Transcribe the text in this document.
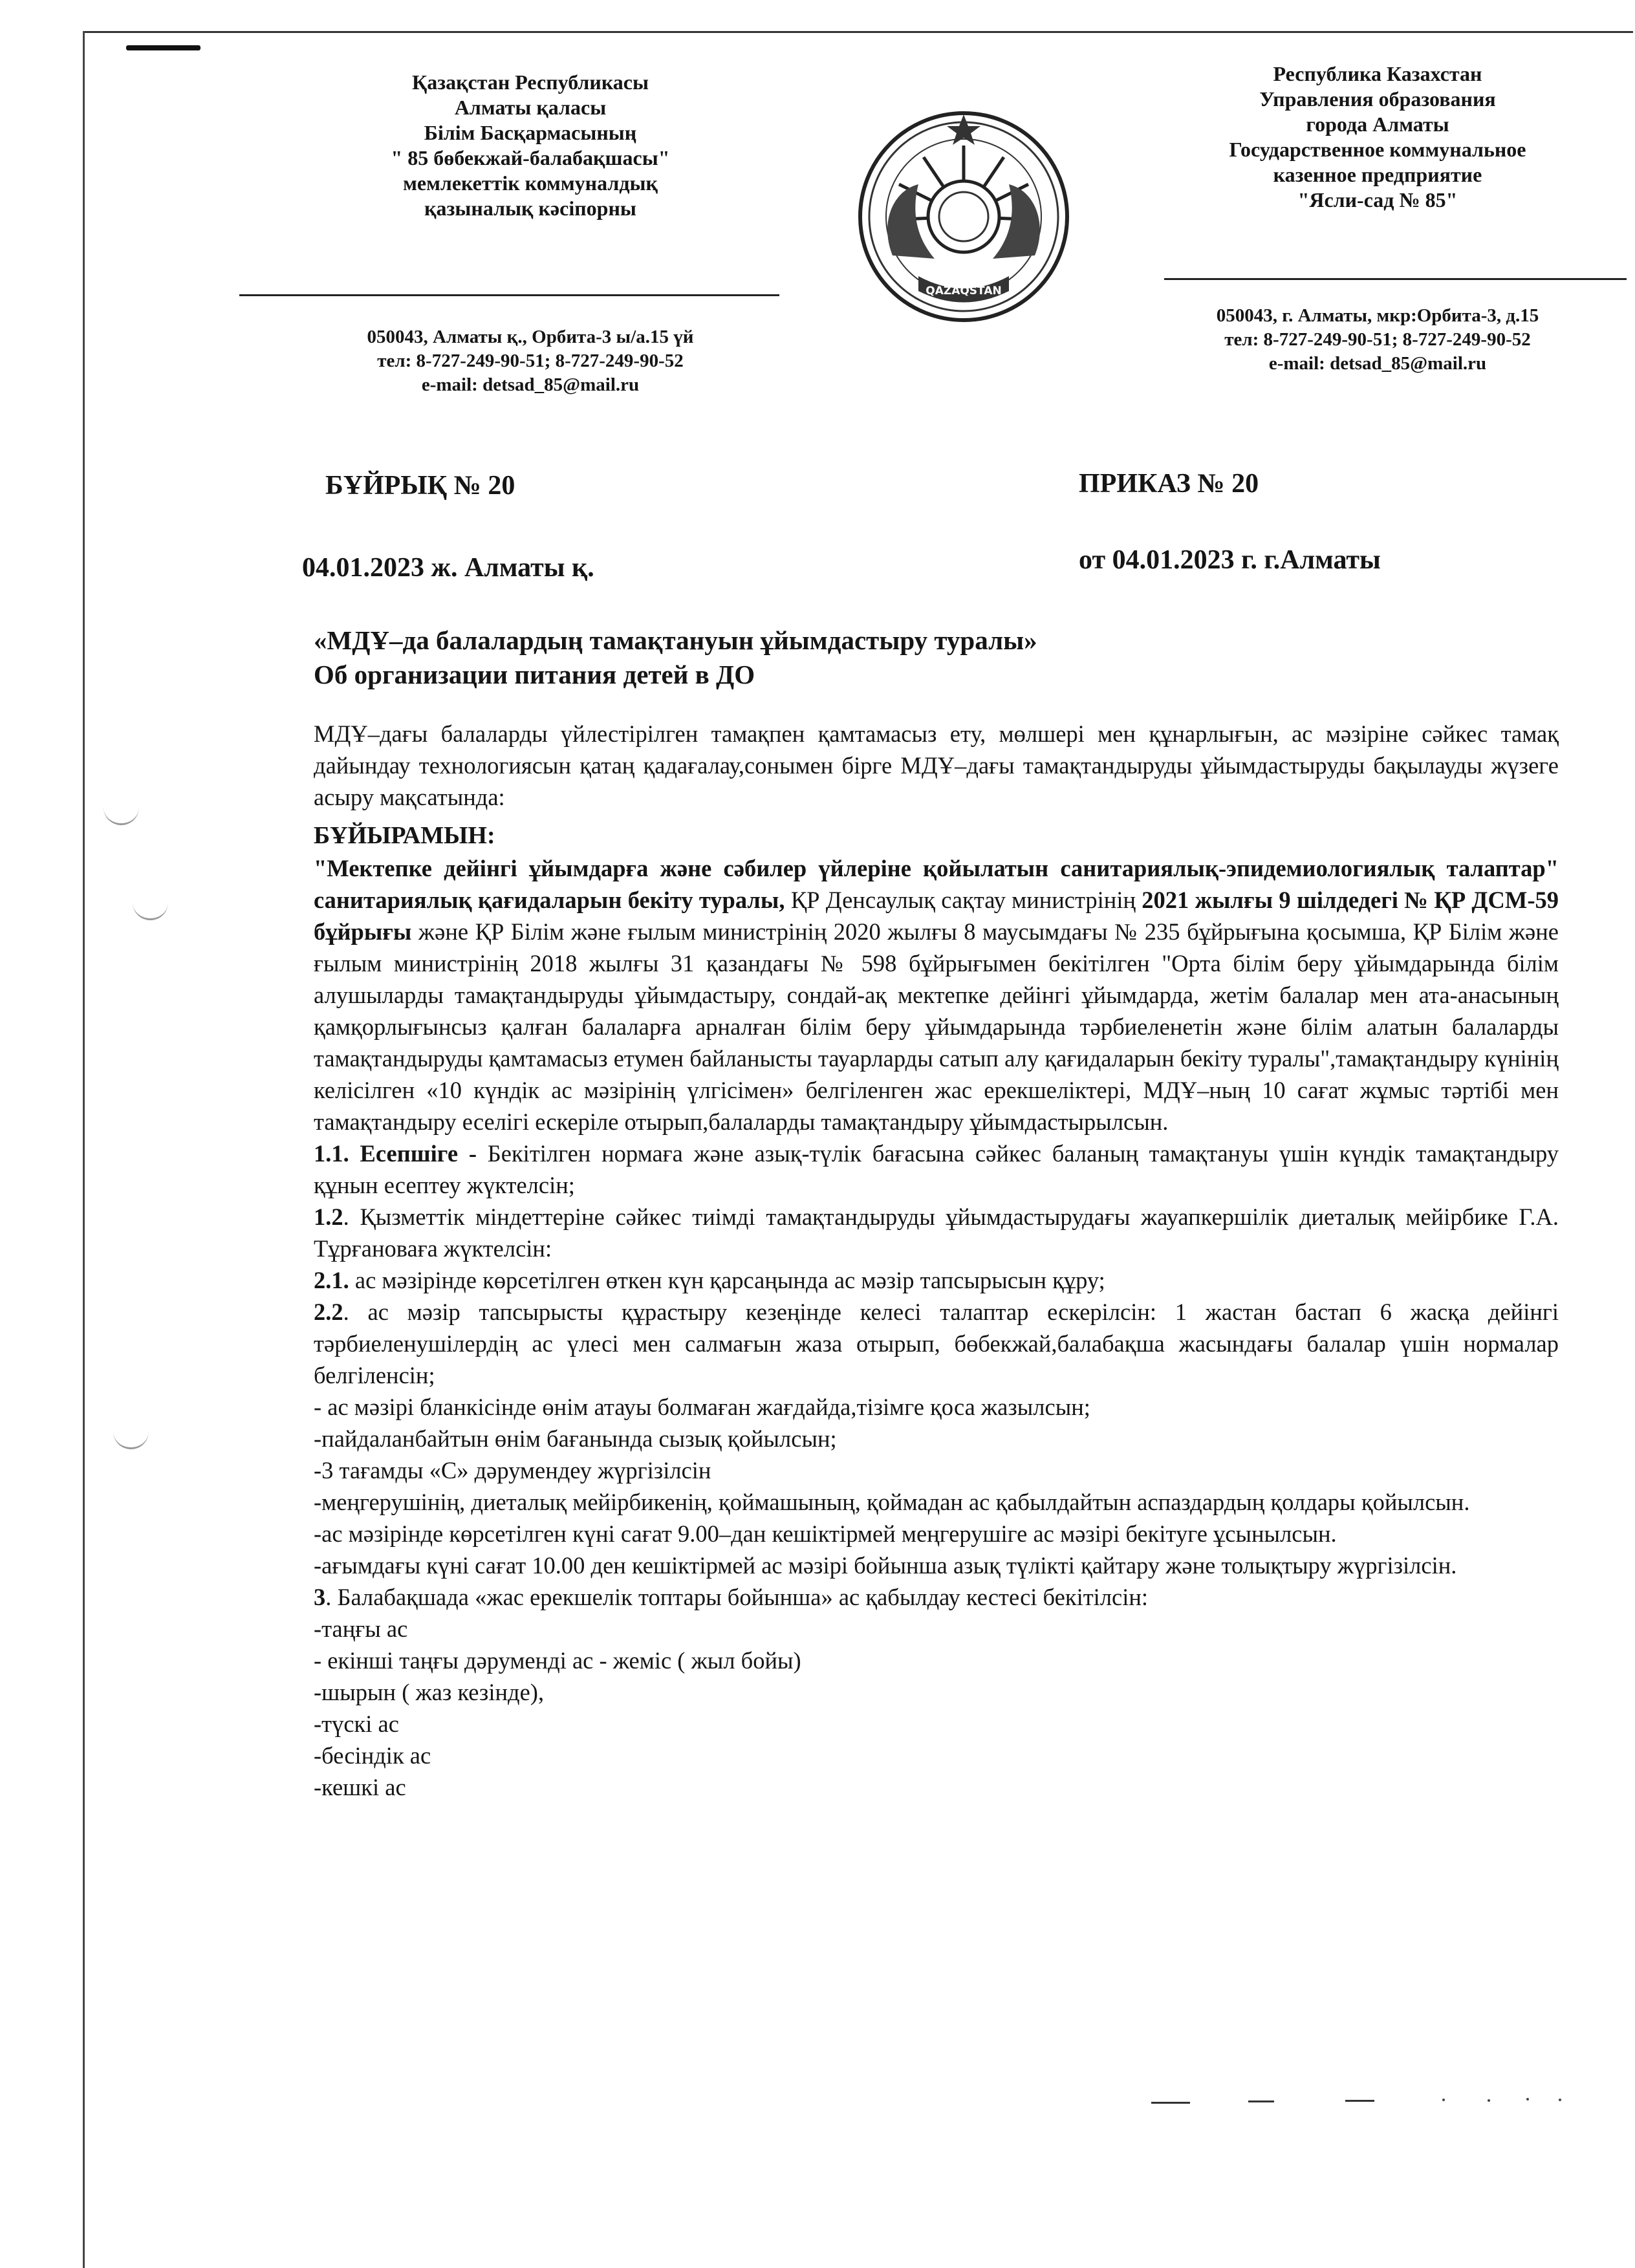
Қазақстан Республикасы
Алматы қаласы
Білім Басқармасының
" 85 бөбекжай-балабақшасы"
мемлекеттік коммуналдық
қазыналық кәсіпорны
QAZAQSTAN
Республика Казахстан
Управления образования
города Алматы
Государственное коммунальное
казенное предприятие
"Ясли-сад № 85"
050043, Алматы қ., Орбита-3 ы/а.15 үй
тел: 8-727-249-90-51; 8-727-249-90-52
e-mail: detsad_85@mail.ru
050043, г. Алматы, мкр:Орбита-3, д.15
тел: 8-727-249-90-51; 8-727-249-90-52
e-mail: detsad_85@mail.ru
БҰЙРЫҚ № 20	ПРИКАЗ № 20
04.01.2023 ж. Алматы қ.	от 04.01.2023 г. г.Алматы
«МДҰ–да балалардың тамақтануын ұйымдастыру туралы»
Об организации питания детей в ДО
МДҰ–дағы балаларды үйлестірілген тамақпен қамтамасыз ету, мөлшері мен құнарлығын, ас мәзіріне сәйкес тамақ дайындау технологиясын қатаң қадағалау,сонымен бірге МДҰ–дағы тамақтандыруды ұйымдастыруды бақылауды жүзеге асыру мақсатында:
БҰЙЫРАМЫН:

"Мектепке дейінгі ұйымдарға және сәбилер үйлеріне қойылатын санитариялық-эпидемиологиялық талаптар" санитариялық қағидаларын бекіту туралы, ҚР Денсаулық сақтау министрінің 2021 жылғы 9 шілдедегі № ҚР ДСМ-59 бұйрығы және ҚР Білім және ғылым министрінің 2020 жылғы 8 маусымдағы № 235 бұйрығына қосымша, ҚР Білім және ғылым министрінің 2018 жылғы 31 қазандағы № 598 бұйрығымен бекітілген "Орта білім беру ұйымдарында білім алушыларды тамақтандыруды ұйымдастыру, сондай-ақ мектепке дейінгі ұйымдарда, жетім балалар мен ата-анасының қамқорлығынсыз қалған балаларға арналған білім беру ұйымдарында тәрбиеленетін және білім алатын балаларды тамақтандыруды қамтамасыз етумен байланысты тауарларды сатып алу қағидаларын бекіту туралы",тамақтандыру күнінің келісілген «10 күндік ас мәзірінің үлгісімен» белгіленген жас ерекшеліктері, МДҰ–ның 10 сағат жұмыс тәртібі мен тамақтандыру еселігі ескеріле отырып,балаларды тамақтандыру ұйымдастырылсын.

1.1. Есепшіге - Бекітілген нормаға және азық-түлік бағасына сәйкес баланың тамақтануы үшін күндік тамақтандыру құнын есептеу жүктелсін;

1.2. Қызметтік міндеттеріне сәйкес тиімді тамақтандыруды ұйымдастырудағы жауапкершілік диеталық мейірбике Г.А. Тұрғановаға жүктелсін:

2.1. ас мәзірінде көрсетілген өткен күн қарсаңында ас мәзір тапсырысын құру;

2.2. ас мәзір тапсырысты құрастыру кезеңінде келесі талаптар ескерілсін: 1 жастан бастап 6 жасқа дейінгі тәрбиеленушілердің ас үлесі мен салмағын жаза отырып, бөбекжай,балабақша жасындағы балалар үшін нормалар белгіленсін;

- ас мәзірі бланкісінде өнім атауы болмаған жағдайда,тізімге қоса жазылсын;

-пайдаланбайтын өнім бағанында сызық қойылсын;

-3 тағамды «С» дәрумендеу жүргізілсін

-меңгерушінің, диеталық мейірбикенің, қоймашының, қоймадан ас қабылдайтын аспаздардың қолдары қойылсын.

-ас мәзірінде көрсетілген күні сағат 9.00–дан кешіктірмей меңгерушіге ас мәзірі бекітуге ұсынылсын.

-ағымдағы күні сағат 10.00 ден кешіктірмей ас мәзірі бойынша азық түлікті қайтару және толықтыру жүргізілсін.

3. Балабақшада «жас ерекшелік топтары бойынша» ас қабылдау кестесі бекітілсін:

-таңғы ас

- екінші таңғы дәруменді ас - жеміс ( жыл бойы)

-шырын ( жаз кезінде),

-түскі ас

-бесіндік ас

-кешкі ас
